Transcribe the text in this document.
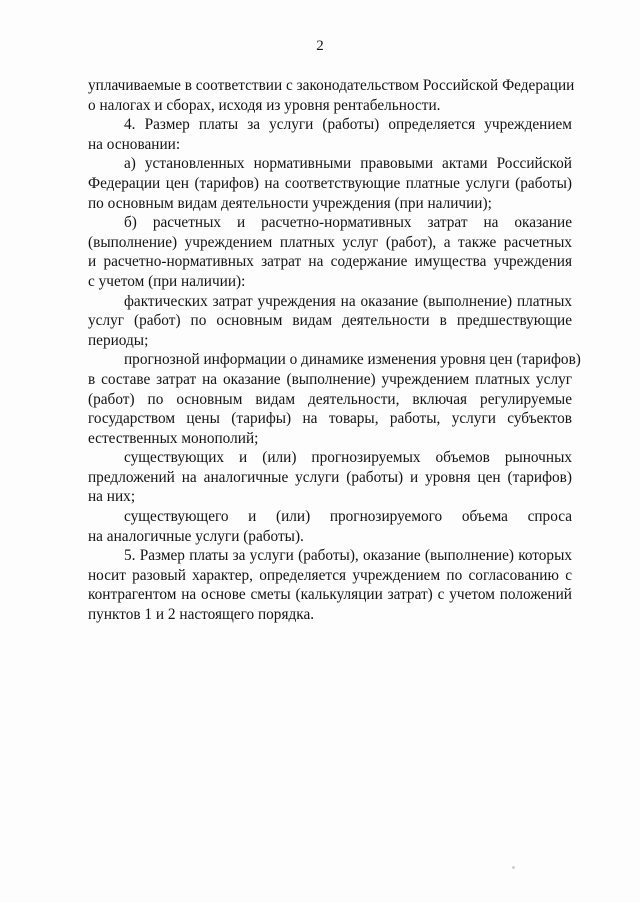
2
уплачиваемые в соответствии с законодательством Российской Федерации
о налогах и сборах, исходя из уровня рентабельности.
4. Размер платы за услуги (работы) определяется учреждением
на основании:
а) установленных нормативными правовыми актами Российской
Федерации цен (тарифов) на соответствующие платные услуги (работы)
по основным видам деятельности учреждения (при наличии);
б) расчетных и расчетно-нормативных затрат на оказание
(выполнение) учреждением платных услуг (работ), а также расчетных
и расчетно-нормативных затрат на содержание имущества учреждения
с учетом (при наличии):
фактических затрат учреждения на оказание (выполнение) платных
услуг (работ) по основным видам деятельности в предшествующие
периоды;
прогнозной информации о динамике изменения уровня цен (тарифов)
в составе затрат на оказание (выполнение) учреждением платных услуг
(работ) по основным видам деятельности, включая регулируемые
государством цены (тарифы) на товары, работы, услуги субъектов
естественных монополий;
существующих и (или) прогнозируемых объемов рыночных
предложений на аналогичные услуги (работы) и уровня цен (тарифов)
на них;
существующего и (или) прогнозируемого объема спроса
на аналогичные услуги (работы).
5. Размер платы за услуги (работы), оказание (выполнение) которых
носит разовый характер, определяется учреждением по согласованию с
контрагентом на основе сметы (калькуляции затрат) с учетом положений
пунктов 1 и 2 настоящего порядка.
